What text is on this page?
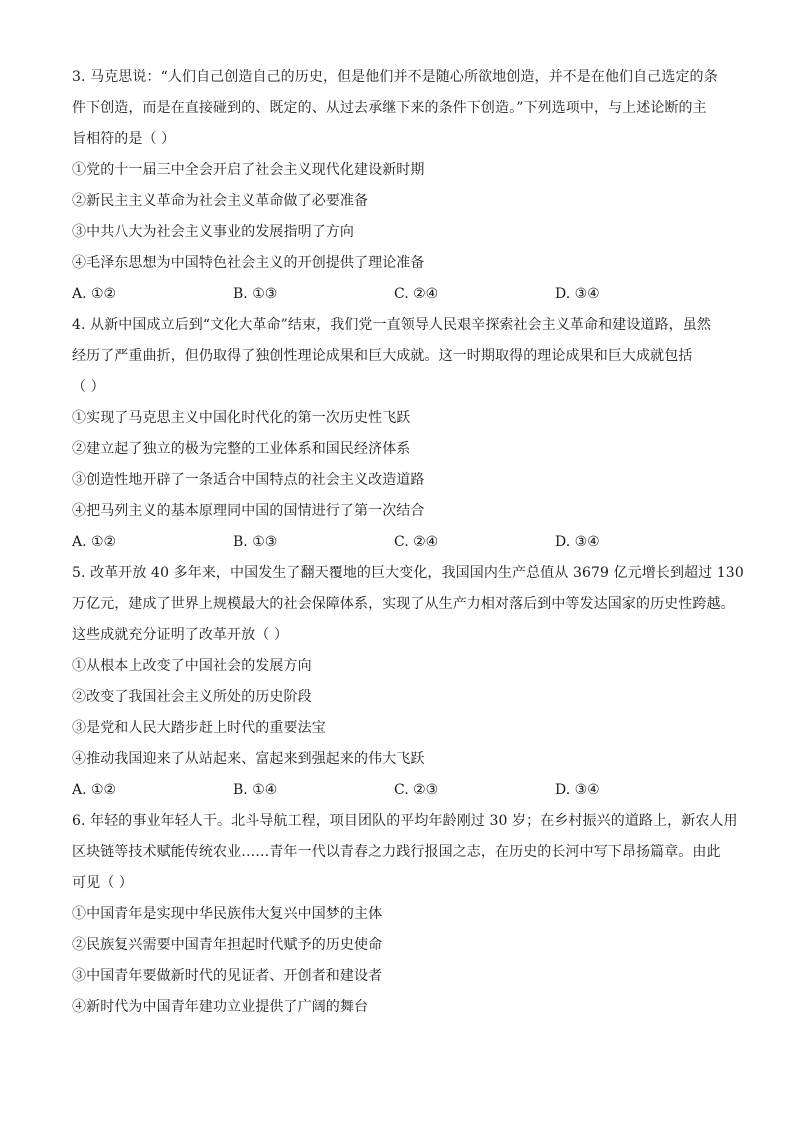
3. 马克思说：“人们自己创造自己的历史，但是他们并不是随心所欲地创造，并不是在他们自己选定的条
件下创造，而是在直接碰到的、既定的、从过去承继下来的条件下创造。”下列选项中，与上述论断的主
旨相符的是（ ）
①党的十一届三中全会开启了社会主义现代化建设新时期
②新民主主义革命为社会主义革命做了必要准备
③中共八大为社会主义事业的发展指明了方向
④毛泽东思想为中国特色社会主义的开创提供了理论准备
A. ①②	B. ①③	C. ②④	D. ③④
4. 从新中国成立后到“文化大革命”结束，我们党一直领导人民艰辛探索社会主义革命和建设道路，虽然
经历了严重曲折，但仍取得了独创性理论成果和巨大成就。这一时期取得的理论成果和巨大成就包括
（ ）
①实现了马克思主义中国化时代化的第一次历史性飞跃
②建立起了独立的极为完整的工业体系和国民经济体系
③创造性地开辟了一条适合中国特点的社会主义改造道路
④把马列主义的基本原理同中国的国情进行了第一次结合
A. ①②	B. ①③	C. ②④	D. ③④
5. 改革开放 40 多年来，中国发生了翻天覆地的巨大变化，我国国内生产总值从 3679 亿元增长到超过 130
万亿元，建成了世界上规模最大的社会保障体系，实现了从生产力相对落后到中等发达国家的历史性跨越。
这些成就充分证明了改革开放（ ）
①从根本上改变了中国社会的发展方向
②改变了我国社会主义所处的历史阶段
③是党和人民大踏步赶上时代的重要法宝
④推动我国迎来了从站起来、富起来到强起来的伟大飞跃
A. ①②	B. ①④	C. ②③	D. ③④
6. 年轻的事业年轻人干。北斗导航工程，项目团队的平均年龄刚过 30 岁；在乡村振兴的道路上，新农人用
区块链等技术赋能传统农业……青年一代以青春之力践行报国之志，在历史的长河中写下昂扬篇章。由此
可见（ ）
①中国青年是实现中华民族伟大复兴中国梦的主体
②民族复兴需要中国青年担起时代赋予的历史使命
③中国青年要做新时代的见证者、开创者和建设者
④新时代为中国青年建功立业提供了广阔的舞台
